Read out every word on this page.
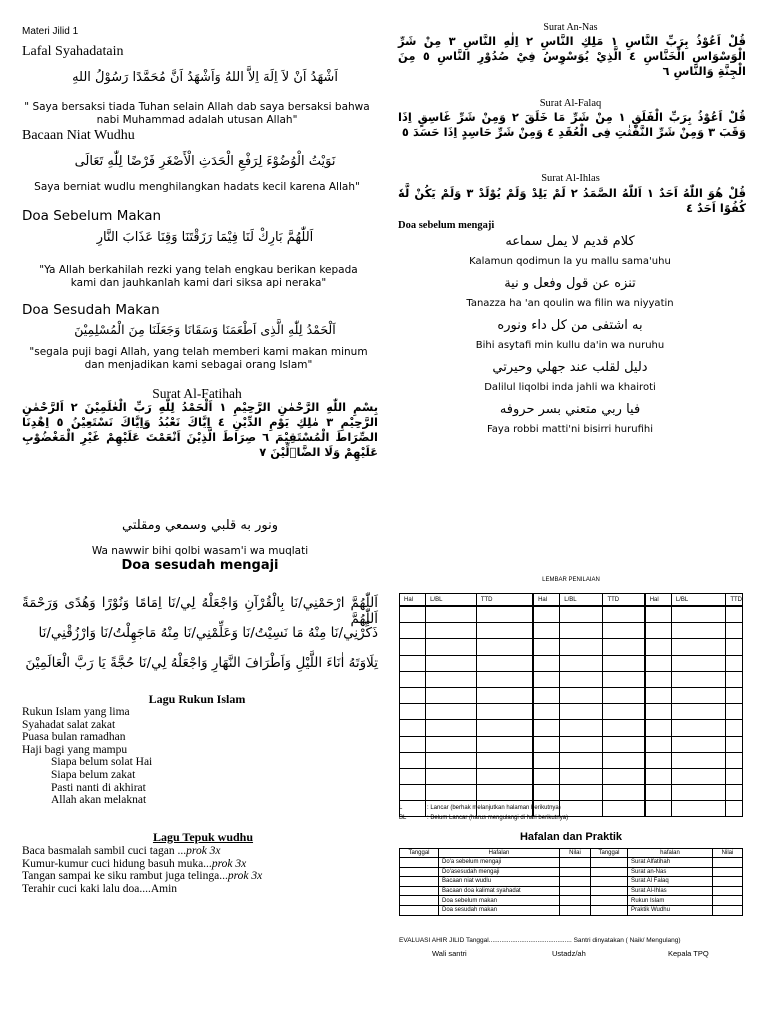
Materi Jilid 1
Lafal Syahadatain
اَشْهَدُ اَنْ لاَ اِلَهَ اِلاَّ اللهُ وَاَشْهَدُ اَنَّ مُحَمَّدًا رَسُوْلُ اللهِ
" Saya bersaksi tiada Tuhan selain Allah dab saya bersaksi bahwa nabi Muhammad adalah utusan Allah"
Bacaan Niat Wudhu
نَوَيْتُ الْوُضُوْءَ لِرَفْعِ الْحَدَثِ الْأَصْغَرِ فَرْضًا لِلّٰهِ تَعَالَى
Saya berniat wudlu menghilangkan hadats kecil karena Allah"
Doa Sebelum Makan
اَللّٰهُمَّ بَارِكْ لَنَا فِيْمَا رَزَقْتَنَا وَقِنَا عَذَابَ النَّارِ
"Ya Allah berkahilah rezki yang telah engkau berikan kepada kami dan jauhkanlah kami dari siksa api neraka"
Doa Sesudah Makan
اَلْحَمْدُ لِلّٰهِ الَّذِى اَطْعَمَنَا وَسَقَانَا وَجَعَلَنَا مِنَ الْمُسْلِمِيْنَ
"segala puji bagi Allah, yang telah memberi kami makan minum dan menjadikan kami sebagai orang Islam"
Surat Al-Fatihah
بِسْمِ اللّٰهِ الرَّحْمٰنِ الرَّحِيْمِ ١ اَلْحَمْدُ لِلّٰهِ رَبِّ الْعٰلَمِيْنَ ٢ اَلرَّحْمٰنِ الرَّحِيْمِ ٣ مٰلِكِ يَوْمِ الدِّيْنِ ٤ اِيَّاكَ نَعْبُدُ وَاِيَّاكَ نَسْتَعِيْنُ ٥ اِهْدِنَا الصِّرَاطَ الْمُسْتَقِيْمَ ٦ صِرَاطَ الَّذِيْنَ اَنْعَمْتَ عَلَيْهِمْ غَيْرِ الْمَغْضُوْبِ عَلَيْهِمْ وَلَا الضَّاۤلِّيْنَ ٧
ونور به قلبي وسمعي ومقلتي
Wa nawwir bihi qolbi wasam'i wa muqlati
Doa sesudah mengaji
اَللّٰهُمَّ ارْحَمْنِي/نَا بِالْقُرْآنِ وَاجْعَلْهُ لِي/نَا اِمَامًا وَنُوْرًا وَهُدًى وَرَحْمَةً اَللّٰهُمَّ
ذَكِّرْنِي/نَا مِنْهُ مَا نَسِيْتُ/نَا وَعَلِّمْنِي/نَا مِنْهُ مَاجَهِلْتُ/نَا وَارْزُقْنِي/نَا
تِلَاوَتَهُ اٰنَاءَ اللَّيْلِ وَاَطْرَافَ النَّهَارِ وَاجْعَلْهُ لِي/نَا حُجَّةً يَا رَبَّ الْعَالَمِيْنَ
Lagu Rukun Islam
Rukun Islam yang lima
Syahadat salat zakat
Puasa bulan ramadhan
Haji bagi yang mampu
Siapa belum solat Hai
Siapa belum zakat
Pasti nanti di akhirat
Allah akan melaknat
Lagu Tepuk wudhu
Baca basmalah sambil cuci tagan ...prok 3x
Kumur-kumur cuci hidung basuh muka...prok 3x
Tangan sampai ke siku rambut juga telinga...prok 3x
Terahir cuci kaki lalu doa....Amin
Surat An-Nas
قُلْ اَعُوْذُ بِرَبِّ النَّاسِ ١ مَلِكِ النَّاسِ ٢ اِلٰهِ النَّاسِ ٣ مِنْ شَرِّ الْوَسْوَاسِ الْخَنَّاسِ ٤ الَّذِيْ يُوَسْوِسُ فِيْ صُدُوْرِ النَّاسِ ٥ مِنَ الْجِنَّةِ وَالنَّاسِ ٦
Surat Al-Falaq
قُلْ اَعُوْذُ بِرَبِّ الْفَلَقِ ١ مِنْ شَرِّ مَا خَلَقَ ٢ وَمِنْ شَرِّ غَاسِقٍ اِذَا وَقَبَ ٣ وَمِنْ شَرِّ النَّفّٰثٰتِ فِى الْعُقَدِ ٤ وَمِنْ شَرِّ حَاسِدٍ اِذَا حَسَدَ ٥
Surat Al-Ihlas
قُلْ هُوَ اللّٰهُ اَحَدٌ ١ اَللّٰهُ الصَّمَدُ ٢ لَمْ يَلِدْ وَلَمْ يُوْلَدْ ٣ وَلَمْ يَكُنْ لَّهٗ كُفُوًا اَحَدٌ ٤
Doa sebelum mengaji
كلام قديم لا يمل سماعه
Kalamun qodimun la yu mallu sama'uhu
تنزه عن قول وفعل و نية
Tanazza ha 'an qoulin wa filin wa niyyatin
به اشتفى من كل داء ونوره
Bihi asytafi min kullu da'in wa nuruhu
دليل لقلب عند جهلي وحيرتي
Dalilul liqolbi inda jahli wa khairoti
فيا ربي متعني بسر حروفه
Faya robbi matti'ni bisirri hurufihi
LEMBAR PENILAIAN
Hal	L/BL	TTD	Hal	L/BL	TTD	Hal	L/BL	TTD

L	: Lancar (berhak melanjutkan halaman berikutnya)
BL	: Belum Lancar (harus mengulangi di hari berikutnya)
Hafalan dan Praktik
Tanggal	Hafalan	Nilai	Tanggal	hafalan	Nilai
	Do'a sebelum mengaji			Surat Alfatihah	
	Do'asesudah mengaji			Surat an-Nas	
	Bacaan niat wudlu			Surat Al Falaq	
	Bacaan doa kalimat syahadat			Surat Al-Ihlas	
	Doa sebelum makan			Rukun Islam	
	Doa sesudah makan			Praktik Wudhu	
EVALUASI AHIR JILID Tanggal.............................................. Santri dinyatakan ( Naik/ Mengulang)
Wali santri	Ustadz/ah	Kepala TPQ
